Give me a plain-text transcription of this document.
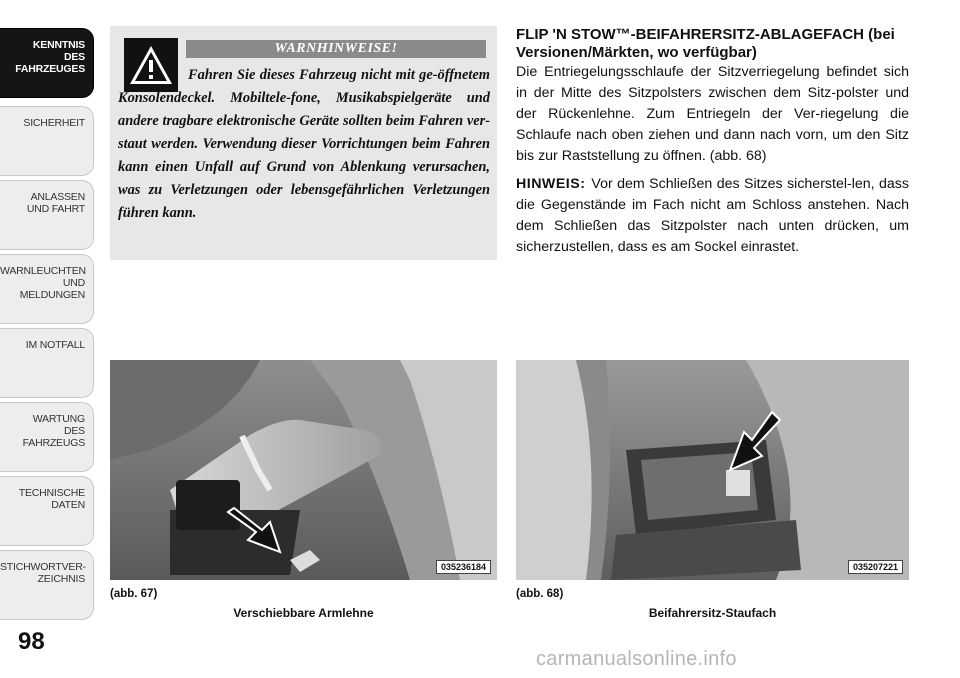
KENNTNIS
DES
FAHRZEUGES
SICHERHEIT
ANLASSEN
UND FAHRT
WARNLEUCHTEN
UND
MELDUNGEN
IM NOTFALL
WARTUNG
DES
FAHRZEUGS
TECHNISCHE
DATEN
STICHWORTVER-
ZEICHNIS
98
WARNHINWEISE!
Fahren Sie dieses Fahrzeug nicht mit ge-öffnetem Konsolendeckel. Mobiltele-fone, Musikabspielgeräte und andere tragbare elektronische Geräte sollten beim Fahren ver-staut werden. Verwendung dieser Vorrichtungen beim Fahren kann einen Unfall auf Grund von Ablenkung verursachen, was zu Verletzungen oder lebensgefährlichen Verletzungen führen kann.
FLIP 'N STOW™-BEIFAHRERSITZ-ABLAGEFACH (bei Versionen/Märkten, wo verfügbar)

Die Entriegelungsschlaufe der Sitzverriegelung befindet sich in der Mitte des Sitzpolsters zwischen dem Sitz-polster und der Rückenlehne. Zum Entriegeln der Ver-riegelung die Schlaufe nach oben ziehen und dann nach vorn, um den Sitz bis zur Raststellung zu öffnen. (abb. 68)

HINWEIS: Vor dem Schließen des Sitzes sicherstel-len, dass die Gegenstände im Fach nicht am Schloss anstehen. Nach dem Schließen das Sitzpolster nach unten drücken, um sicherzustellen, dass es am Sockel einrastet.

035236184	035207221
(abb. 67)
Verschiebbare Armlehne
(abb. 68)
Beifahrersitz-Staufach
carmanualsonline.info
